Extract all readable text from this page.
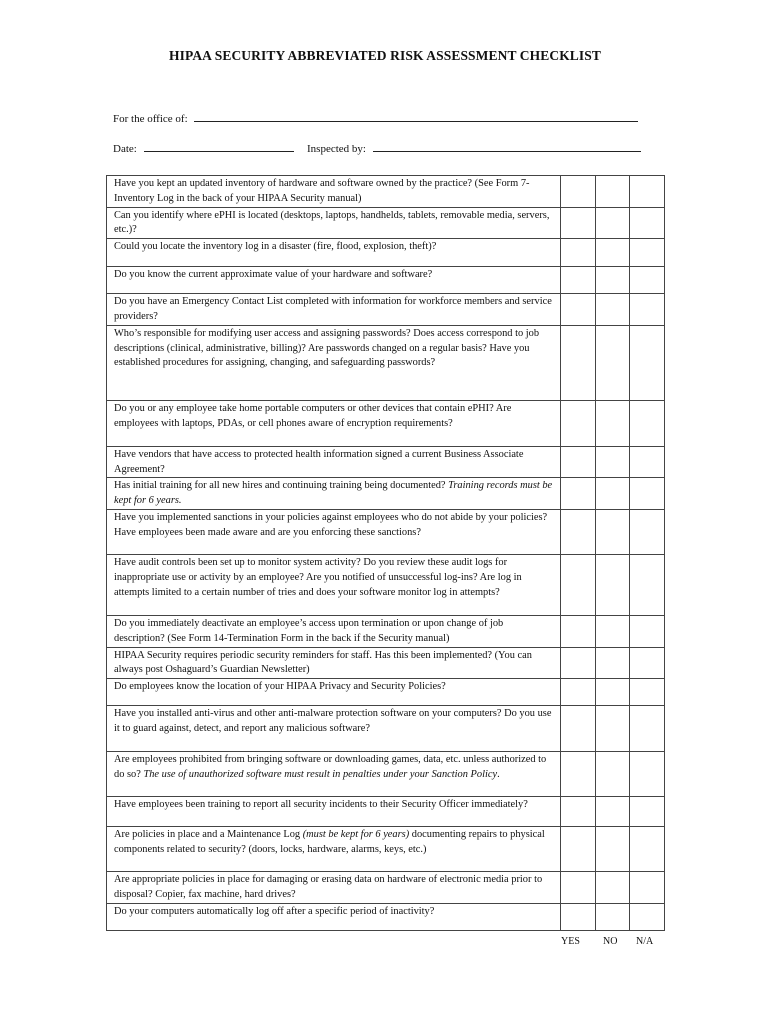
HIPAA SECURITY ABBREVIATED RISK ASSESSMENT CHECKLIST
For the office of:
Date:	Inspected by:
Have you kept an updated inventory of hardware and software owned by the practice? (See Form 7-Inventory Log in the back of your HIPAA Security manual)			
Can you identify where ePHI is located (desktops, laptops, handhelds, tablets, removable media, servers, etc.)?			
Could you locate the inventory log in a disaster (fire, flood, explosion, theft)?			
Do you know the current approximate value of your hardware and software?			
Do you have an Emergency Contact List completed with information for workforce members and service providers?			
Who’s responsible for modifying user access and assigning passwords? Does access correspond to job descriptions (clinical, administrative, billing)? Are passwords changed on a regular basis? Have you established procedures for assigning, changing, and safeguarding passwords?			
Do you or any employee take home portable computers or other devices that contain ePHI? Are employees with laptops, PDAs, or cell phones aware of encryption requirements?			
Have vendors that have access to protected health information signed a current Business Associate Agreement?			
Has initial training for all new hires and continuing training being documented? Training records must be kept for 6 years.			
Have you implemented sanctions in your policies against employees who do not abide by your policies? Have employees been made aware and are you enforcing these sanctions?			
Have audit controls been set up to monitor system activity? Do you review these audit logs for inappropriate use or activity by an employee? Are you notified of unsuccessful log-ins? Are log in attempts limited to a certain number of tries and does your software monitor log in attempts?			
Do you immediately deactivate an employee’s access upon termination or upon change of job description? (See Form 14-Termination Form in the back if the Security manual)			
HIPAA Security requires periodic security reminders for staff. Has this been implemented? (You can always post Oshaguard’s Guardian Newsletter)			
Do employees know the location of your HIPAA Privacy and Security Policies?			
Have you installed anti-virus and other anti-malware protection software on your computers? Do you use it to guard against, detect, and report any malicious software?			
Are employees prohibited from bringing software or downloading games, data, etc. unless authorized to do so? The use of unauthorized software must result in penalties under your Sanction Policy.			
Have employees been training to report all security incidents to their Security Officer immediately?			
Are policies in place and a Maintenance Log (must be kept for 6 years) documenting repairs to physical components related to security? (doors, locks, hardware, alarms, keys, etc.)			
Are appropriate policies in place for damaging or erasing data on hardware of electronic media prior to disposal? Copier, fax machine, hard drives?			
Do your computers automatically log off after a specific period of inactivity?			
YES NO N/A
